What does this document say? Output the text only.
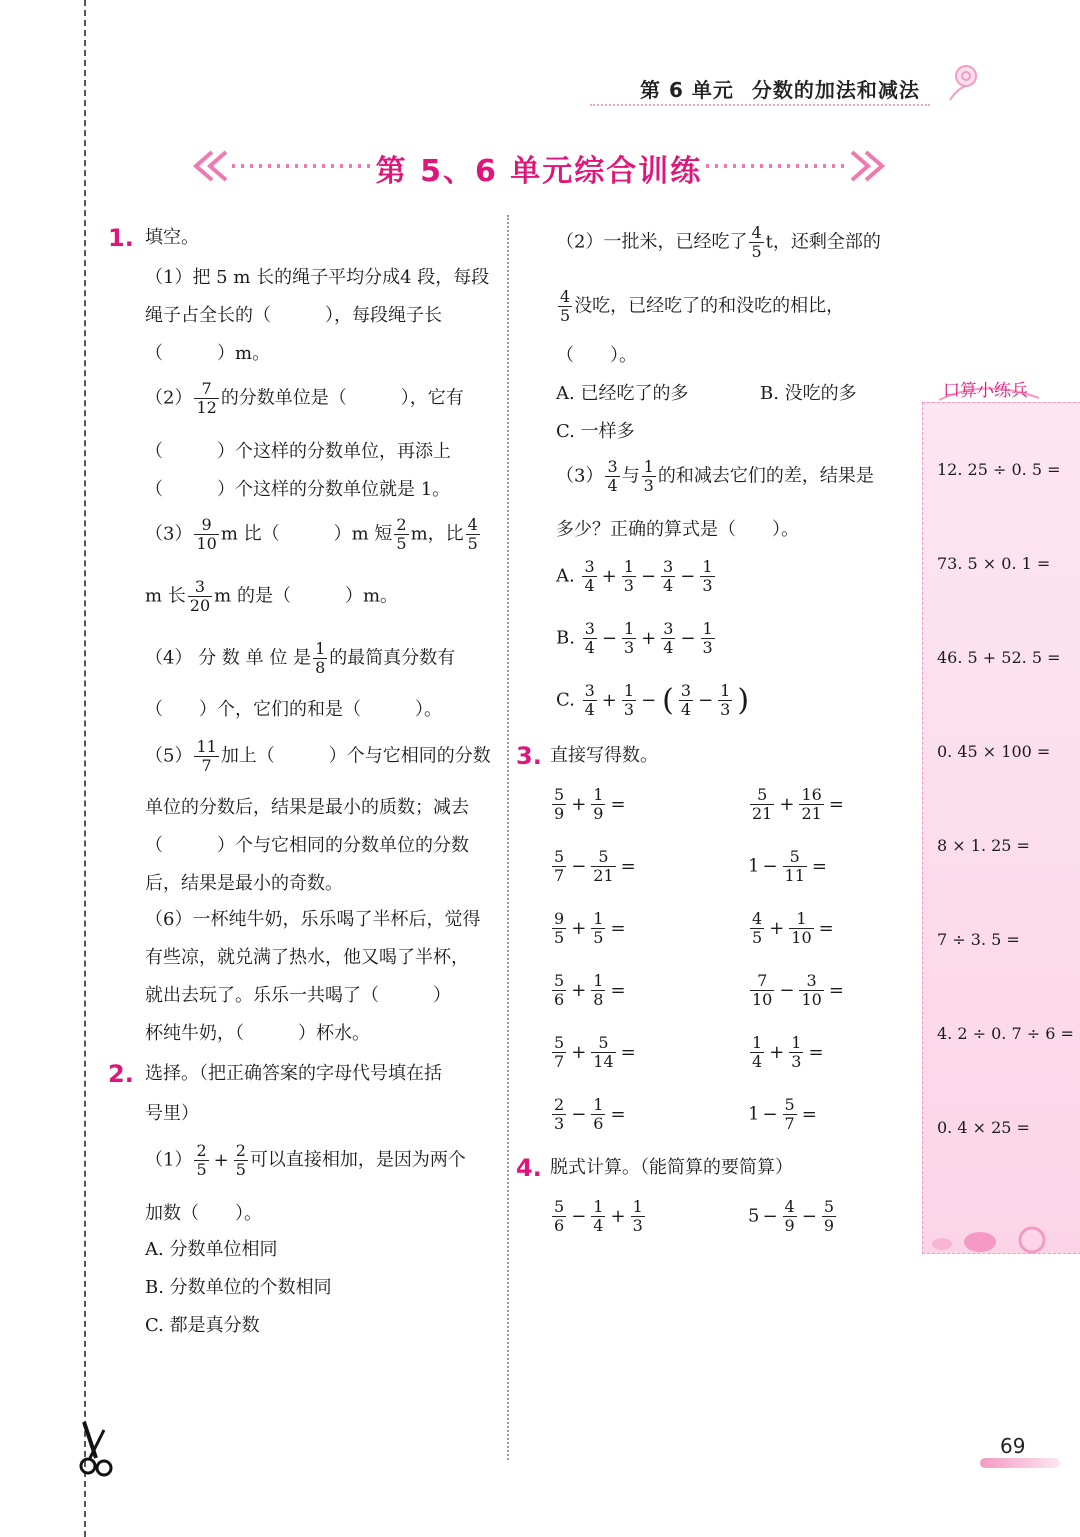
第 6 单元 分数的加法和减法
第 5、6 单元综合训练
1. 填空。
（1）把 5 m 长的绳子平均分成4 段，每段
绳子占全长的（　　　），每段绳子长
（　　　）m。
$(2) \frac{7}{12}$ 的分数单位是（　　　），它有
（　　　）个这样的分数单位，再添上
（　　　）个这样的分数单位就是 1。
$(3) \frac{9}{10}$ m 比（　　　）m 短 $\frac{2}{5}$ m，比 $\frac{4}{5}$
m 长 $\frac{3}{20}$ m 的是（　　　）m。
（4） 分 数 单 位 是 $\frac{1}{8}$ 的最简真分数有
（　　）个，它们的和是（　　　）。
$(5) \frac{11}{7}$ 加上（　　　）个与它相同的分数
单位的分数后，结果是最小的质数；减去
（　　　）个与它相同的分数单位的分数
后，结果是最小的奇数。
（6）一杯纯牛奶，乐乐喝了半杯后，觉得
有些凉，就兑满了热水，他又喝了半杯，
就出去玩了。乐乐一共喝了（　　　）
杯纯牛奶，（　　　）杯水。
2. 选择。（把正确答案的字母代号填在括
号里）
$(1) \frac{2}{5} + \frac{2}{5}$ 可以直接相加，是因为两个
加数（　　）。
A. 分数单位相同
B. 分数单位的个数相同
C. 都是真分数
（2）一批米，已经吃了 $\frac{4}{5}$ t，还剩全部的
$\frac{4}{5}$ 没吃，已经吃了的和没吃的相比，
（　　）。
A. 已经吃了的多	B. 没吃的多
C. 一样多
$(3) \frac{3}{4}$ 与 $\frac{1}{3}$ 的和减去它们的差，结果是
多少？正确的算式是（　　）。
A. $\frac{3}{4} + \frac{1}{3} - \frac{3}{4} - \frac{1}{3}$
B. $\frac{3}{4} - \frac{1}{3} + \frac{3}{4} - \frac{1}{3}$
C. $\frac{3}{4} + \frac{1}{3}$ − ( $\frac{3}{4} - \frac{1}{3}$ )
3. 直接写得数。
$\frac{5}{9} + \frac{1}{9}$ =	$\frac{5}{21} + \frac{16}{21}$ =
$\frac{5}{7} - \frac{5}{21}$ =	$1 - \frac{5}{11}$ =
$\frac{9}{5} + \frac{1}{5}$ =	$\frac{4}{5} + \frac{1}{10}$ =
$\frac{5}{6} + \frac{1}{8}$ =	$\frac{7}{10} - \frac{3}{10}$ =
$\frac{5}{7} + \frac{5}{14}$ =	$\frac{1}{4} + \frac{1}{3}$ =
$\frac{2}{3} - \frac{1}{6}$ =	$1 - \frac{5}{7}$ =
4. 脱式计算。（能简算的要简算）
$\frac{5}{6} - \frac{1}{4} + \frac{1}{3}$	$5 - \frac{4}{9} - \frac{5}{9}$
口算小练兵
12. 25 ÷ 0. 5 =
73. 5 × 0. 1 =
46. 5 + 52. 5 =
0. 45 × 100 =
8 × 1. 25 =
7 ÷ 3. 5 =
4. 2 ÷ 0. 7 ÷ 6 =
0. 4 × 25 =
69
